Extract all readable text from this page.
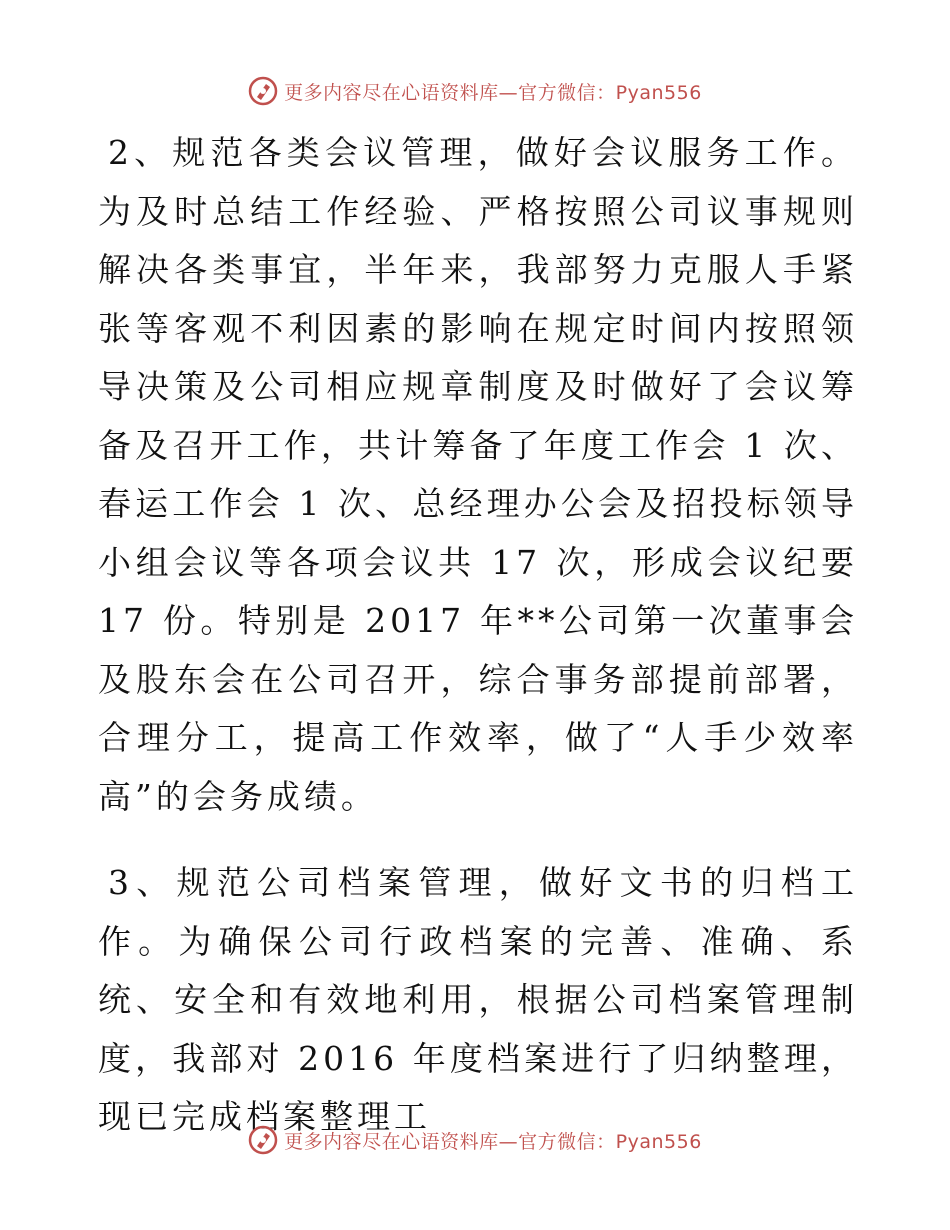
更多内容尽在心语资料库—官方微信：Pyan556

2、规范各类会议管理，做好会议服务工作。为及时总结工作经验、严格按照公司议事规则解决各类事宜，半年来，我部努力克服人手紧张等客观不利因素的影响在规定时间内按照领导决策及公司相应规章制度及时做好了会议筹备及召开工作，共计筹备了年度工作会 1 次、春运工作会 1 次、总经理办公会及招投标领导小组会议等各项会议共 17 次，形成会议纪要 17 份。特别是 2017 年**公司第一次董事会及股东会在公司召开，综合事务部提前部署，合理分工，提高工作效率，做了“人手少效率高”的会务成绩。

3、规范公司档案管理，做好文书的归档工作。为确保公司行政档案的完善、准确、系统、安全和有效地利用，根据公司档案管理制度，我部对 2016 年度档案进行了归纳整理，现已完成档案整理工

更多内容尽在心语资料库—官方微信：Pyan556
